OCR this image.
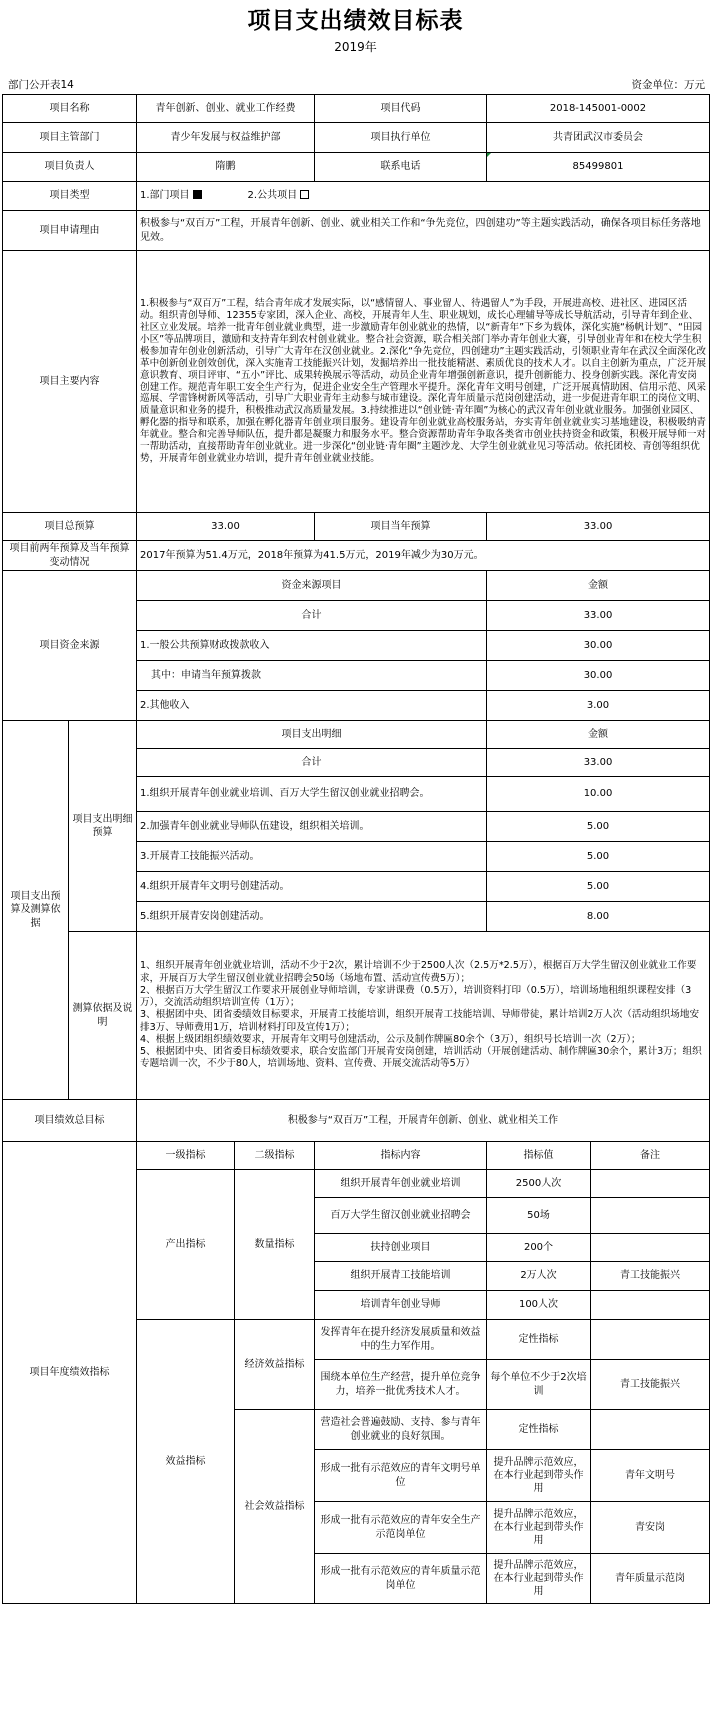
项目支出绩效目标表
2019年
部门公开表14	资金单位：万元
项目名称		青年创新、创业、就业工作经费		项目代码	2018-145001-0002	
项目主管部门		青少年发展与权益维护部		项目执行单位	共青团武汉市委员会	
项目负责人		隋鹏		联系电话	85499801	
项目类型		1.部门项目 2.公共项目				
项目申请理由		积极参与“双百万”工程，开展青年创新、创业、就业相关工作和“争先竞位，四创建功”等主题实践活动，确保各项目标任务落地见效。				
项目主要内容		1.积极参与“双百万”工程，结合青年成才发展实际，以“感情留人、事业留人、待遇留人”为手段，开展进高校、进社区、进园区活动。组织青创导师、12355专家团，深入企业、高校，开展青年人生、职业规划，成长心理辅导等成长导航活动，引导青年到企业、社区立业发展。培养一批青年创业就业典型，进一步激励青年创业就业的热情，以“新青年”下乡为载体，深化实施“杨帆计划”、“田园小区”等品牌项目，激励和支持青年到农村创业就业。整合社会资源，联合相关部门举办青年创业大赛，引导创业青年和在校大学生积极参加青年创业创新活动，引导广大青年在汉创业就业。2.深化“争先竞位，四创建功”主题实践活动，引领职业青年在武汉全面深化改革中创新创业创效创优，深入实施青工技能振兴计划，发掘培养出一批技能精湛、素质优良的技术人才。以自主创新为重点，广泛开展意识教育、项目评审、“五小”评比、成果转换展示等活动，动员企业青年增强创新意识，提升创新能力、投身创新实践。深化青安岗创建工作。规范青年职工安全生产行为，促进企业安全生产管理水平提升。深化青年文明号创建，广泛开展真情助困、信用示范、风采巡展、学雷锋树新风等活动，引导广大职业青年主动参与城市建设。深化青年质量示范岗创建活动，进一步促进青年职工的岗位文明、质量意识和业务的提升，积极推动武汉高质量发展。3.持续推进以“创业链·青年圈”为核心的武汉青年创业就业服务。加强创业园区、孵化器的指导和联系，加强在孵化器青年创业项目服务。建设青年创业就业高校服务站，夯实青年创业就业实习基地建设，积极吸纳青年就业。整合和完善导师队伍，提升都是凝聚力和服务水平。整合资源帮助青年争取各类省市创业扶持资金和政策，积极开展导师一对一帮助活动，直接帮助青年创业就业。进一步深化“创业链·青年圈”主题沙龙、大学生创业就业见习等活动。依托团校、青创等组织优势，开展青年创业就业办培训，提升青年创业就业技能。				
项目总预算		33.00		项目当年预算	33.00	
项目前两年预算及当年预算变动情况		2017年预算为51.4万元，2018年预算为41.5万元，2019年减少为30万元。				
项目资金来源		资金来源项目			金额	
		合计			33.00	
		1.一般公共预算财政拨款收入			30.00	
		其中：申请当年预算拨款			30.00	
		2.其他收入			3.00	
项目支出预算及测算依据	项目支出明细预算	项目支出明细			金额	
		合计			33.00	
		1.组织开展青年创业就业培训、百万大学生留汉创业就业招聘会。			10.00	
		2.加强青年创业就业导师队伍建设，组织相关培训。			5.00	
		3.开展青工技能振兴活动。			5.00	
		4.组织开展青年文明号创建活动。			5.00	
		5.组织开展青安岗创建活动。			8.00	
	测算依据及说明	1、组织开展青年创业就业培训，活动不少于2次，累计培训不少于2500人次（2.5万*2.5万），根据百万大学生留汉创业就业工作要求，开展百万大学生留汉创业就业招聘会50场（场地布置、活动宣传费5万）；
2、根据百万大学生留汉工作要求开展创业导师培训，专家讲课费（0.5万），培训资料打印（0.5万），培训场地租组织课程安排（3万），交流活动组织培训宣传（1万）；
3、根据团中央、团省委绩效目标要求，开展青工技能培训，组织开展青工技能培训、导师带徒，累计培训2万人次（活动组织场地安排3万、导师费用1万，培训材料打印及宣传1万）；
4、根据上级团组织绩效要求，开展青年文明号创建活动，公示及制作牌匾80余个（3万），组织号长培训一次（2万）；
5、根据团中央、团省委目标绩效要求，联合安监部门开展青安岗创建，培训活动（开展创建活动、制作牌匾30余个，累计3万；组织专题培训一次，不少于80人，培训场地、资料、宣传费、开展交流活动等5万）				

项目绩效总目标		积极参与“双百万”工程，开展青年创新、创业、就业相关工作				
项目年度绩效指标		一级指标	二级指标	指标内容	指标值	备注
		产出指标	数量指标	组织开展青年创业就业培训	2500人次	
				百万大学生留汉创业就业招聘会	50场	
				扶持创业项目	200个	
				组织开展青工技能培训	2万人次	青工技能振兴
				培训青年创业导师	100人次	
		效益指标	经济效益指标	发挥青年在提升经济发展质量和效益中的生力军作用。	定性指标	
				围绕本单位生产经营，提升单位竞争力，培养一批优秀技术人才。	每个单位不少于2次培训	青工技能振兴
			社会效益指标	营造社会普遍鼓励、支持、参与青年创业就业的良好氛围。	定性指标	
				形成一批有示范效应的青年文明号单位	提升品牌示范效应，在本行业起到带头作用	青年文明号
				形成一批有示范效应的青年安全生产示范岗单位	提升品牌示范效应，在本行业起到带头作用	青安岗
				形成一批有示范效应的青年质量示范岗单位	提升品牌示范效应，在本行业起到带头作用	青年质量示范岗
